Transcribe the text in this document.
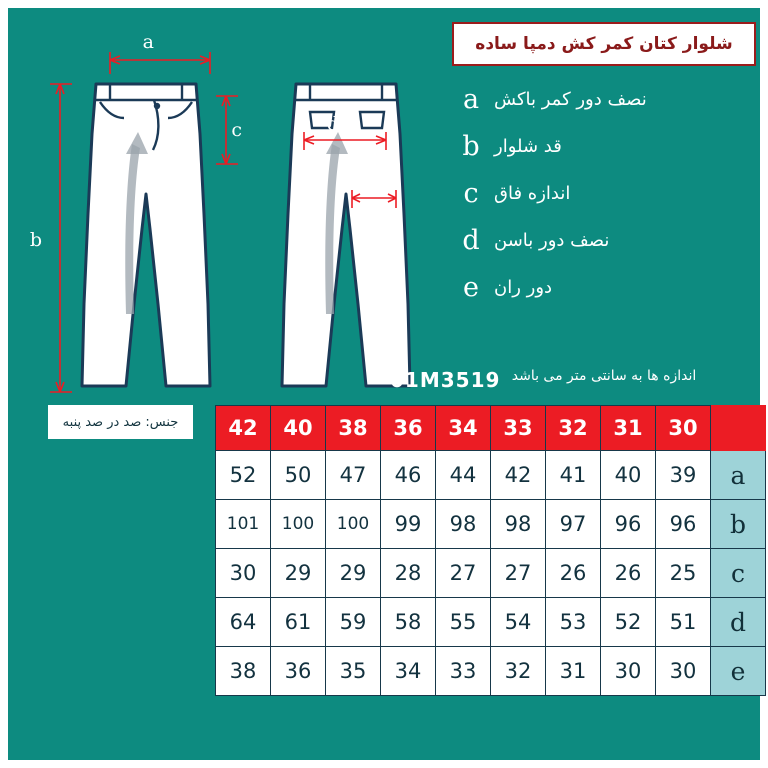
شلوار کتان کمر کش دمپا ساده
نصف دور کمر باکش
a
قد شلوار
b
اندازه فاق
c
نصف دور باسن
d
دور ران
e
اندازه ها به سانتی متر می باشد
a
b
c	d
e
01M3519
جنس: صد در صد پنبه 42	40	38	36	34	33	32	31	30	
52	50	47	46	44	42	41	40	39	a
101	100	100	99	98	98	97	96	96	b
30	29	29	28	27	27	26	26	25	c
64	61	59	58	55	54	53	52	51	d
38	36	35	34	33	32	31	30	30	e
